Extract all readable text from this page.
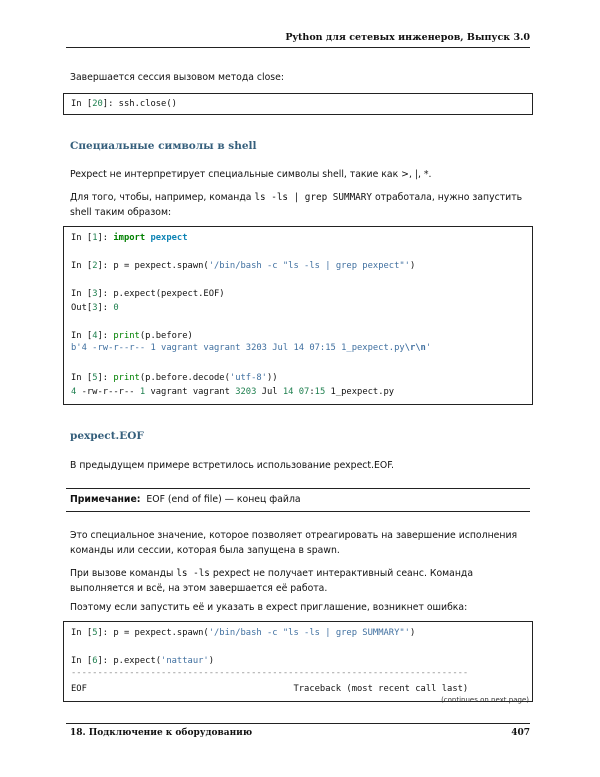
Python для сетевых инженеров, Выпуск 3.0
Завершается сессия вызовом метода close:
In [20]: ssh.close()
Специальные символы в shell
Pexpect не интерпретирует специальные символы shell, такие как >, |, *.
Для того, чтобы, например, команда ls -ls | grep SUMMARY отработала, нужно запустить shell таким образом:
In [1]: import pexpect
In [2]: p = pexpect.spawn('/bin/bash -c "ls -ls | grep pexpect"')
In [3]: p.expect(pexpect.EOF)
Out[3]: 0
In [4]: print(p.before)
b'4 -rw-r--r-- 1 vagrant vagrant 3203 Jul 14 07:15 1_pexpect.py\r\n'
In [5]: print(p.before.decode('utf-8'))
4 -rw-r--r-- 1 vagrant vagrant 3203 Jul 14 07:15 1_pexpect.py
pexpect.EOF
В предыдущем примере встретилось использование pexpect.EOF.
Примечание: EOF (end of file) — конец файла
Это специальное значение, которое позволяет отреагировать на завершение исполнения команды или сессии, которая была запущена в spawn.
При вызове команды ls -ls pexpect не получает интерактивный сеанс. Команда выполняется и всё, на этом завершается её работа.
Поэтому если запустить её и указать в expect приглашение, возникнет ошибка:
In [5]: p = pexpect.spawn('/bin/bash -c "ls -ls | grep SUMMARY"')
In [6]: p.expect('nattaur')
---------------------------------------------------------------------------
EOF                                       Traceback (most recent call last)
(continues on next page)
18. Подключение к оборудованию	407
